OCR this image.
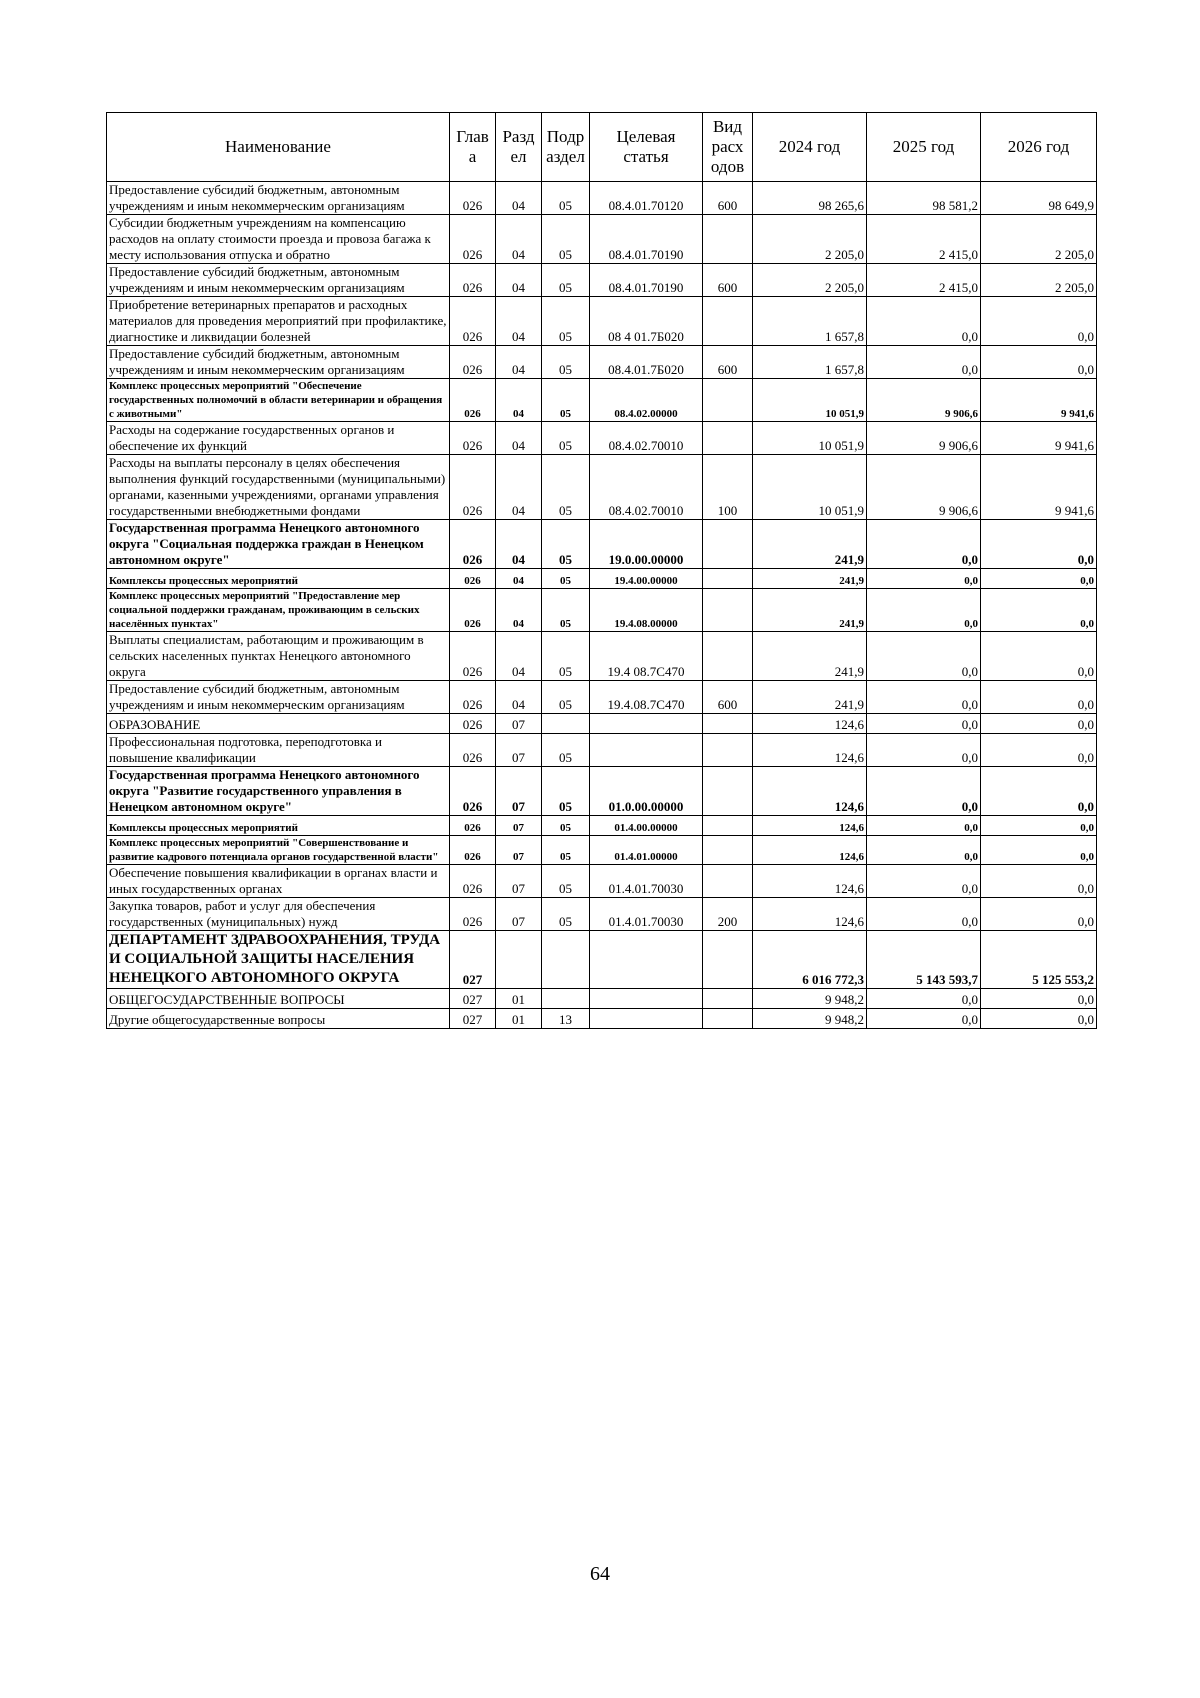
Наименование	Глав а	Разд ел	Подр аздел	Целевая статья	Вид расх одов	2024 год	2025 год	2026 год
Предоставление субсидий бюджетным, автономным учреждениям и иным некоммерческим организациям	026	04	05	08.4.01.70120	600	98 265,6	98 581,2	98 649,9
Субсидии бюджетным учреждениям на компенсацию расходов на оплату стоимости проезда и провоза багажа к месту использования отпуска и обратно	026	04	05	08.4.01.70190		2 205,0	2 415,0	2 205,0
Предоставление субсидий бюджетным, автономным учреждениям и иным некоммерческим организациям	026	04	05	08.4.01.70190	600	2 205,0	2 415,0	2 205,0
Приобретение ветеринарных препаратов и расходных материалов для проведения мероприятий при профилактике, диагностике и ликвидации болезней	026	04	05	08 4 01.7Б020		1 657,8	0,0	0,0
Предоставление субсидий бюджетным, автономным учреждениям и иным некоммерческим организациям	026	04	05	08.4.01.7Б020	600	1 657,8	0,0	0,0
Комплекс процессных мероприятий "Обеспечение государственных полномочий в области ветеринарии и обращения с животными"	026	04	05	08.4.02.00000		10 051,9	9 906,6	9 941,6
Расходы на содержание государственных органов и обеспечение их функций	026	04	05	08.4.02.70010		10 051,9	9 906,6	9 941,6
Расходы на выплаты персоналу в целях обеспечения выполнения функций государственными (муниципальными) органами, казенными учреждениями, органами управления государственными внебюджетными фондами	026	04	05	08.4.02.70010	100	10 051,9	9 906,6	9 941,6
Государственная программа Ненецкого автономного округа "Социальная поддержка граждан в Ненецком автономном округе"	026	04	05	19.0.00.00000		241,9	0,0	0,0
Комплексы процессных мероприятий	026	04	05	19.4.00.00000		241,9	0,0	0,0
Комплекс процессных мероприятий "Предоставление мер социальной поддержки гражданам, проживающим в сельских населённых пунктах"	026	04	05	19.4.08.00000		241,9	0,0	0,0
Выплаты специалистам, работающим и проживающим в сельских населенных пунктах Ненецкого автономного округа	026	04	05	19.4 08.7С470		241,9	0,0	0,0
Предоставление субсидий бюджетным, автономным учреждениям и иным некоммерческим организациям	026	04	05	19.4.08.7С470	600	241,9	0,0	0,0
ОБРАЗОВАНИЕ	026	07				124,6	0,0	0,0
Профессиональная подготовка, переподготовка и повышение квалификации	026	07	05			124,6	0,0	0,0
Государственная программа Ненецкого автономного округа "Развитие государственного управления в Ненецком автономном округе"	026	07	05	01.0.00.00000		124,6	0,0	0,0
Комплексы процессных мероприятий	026	07	05	01.4.00.00000		124,6	0,0	0,0
Комплекс процессных мероприятий "Совершенствование и развитие кадрового потенциала органов государственной власти"	026	07	05	01.4.01.00000		124,6	0,0	0,0
Обеспечение повышения квалификации в органах власти и иных государственных органах	026	07	05	01.4.01.70030		124,6	0,0	0,0
Закупка товаров, работ и услуг для обеспечения государственных (муниципальных) нужд	026	07	05	01.4.01.70030	200	124,6	0,0	0,0
ДЕПАРТАМЕНТ ЗДРАВООХРАНЕНИЯ, ТРУДА И СОЦИАЛЬНОЙ ЗАЩИТЫ НАСЕЛЕНИЯ НЕНЕЦКОГО АВТОНОМНОГО ОКРУГА	027					6 016 772,3	5 143 593,7	5 125 553,2
ОБЩЕГОСУДАРСТВЕННЫЕ ВОПРОСЫ	027	01				9 948,2	0,0	0,0
Другие общегосударственные вопросы	027	01	13			9 948,2	0,0	0,0
64
